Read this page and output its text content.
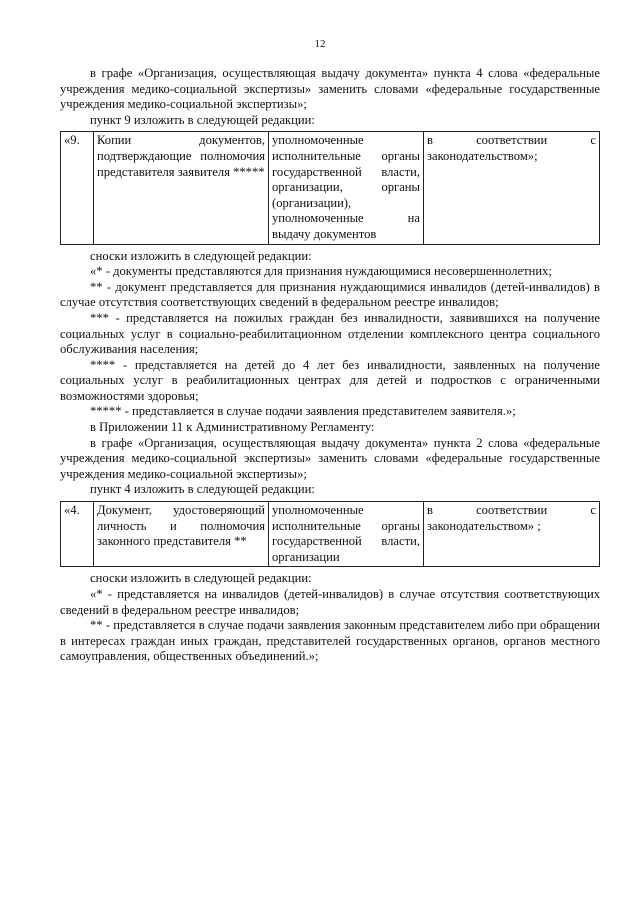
12

в графе «Организация, осуществляющая выдачу документа» пункта 4 слова «федеральные учреждения медико-социальной экспертизы» заменить словами «федеральные государственные учреждения медико-социальной экспертизы»;

пункт 9 изложить в следующей редакции:

«9.	Копии документов, подтверждающие полномочия представителя заявителя *****	уполномоченные исполнительные органы государственной власти, организации, органы (организации), уполномоченные на выдачу документов	в соответствии с законодательством»;

сноски изложить в следующей редакции:

«* - документы представляются для признания нуждающимися несовершеннолетних;

** - документ представляется для признания нуждающимися инвалидов (детей-инвалидов) в случае отсутствия соответствующих сведений в федеральном реестре инвалидов;

*** - представляется на пожилых граждан без инвалидности, заявившихся на получение социальных услуг в социально-реабилитационном отделении комплексного центра социального обслуживания населения;

**** - представляется на детей до 4 лет без инвалидности, заявленных на получение социальных услуг в реабилитационных центрах для детей и подростков с ограниченными возможностями здоровья;

***** - представляется в случае подачи заявления представителем заявителя.»;

в Приложении 11 к Административному Регламенту:

в графе «Организация, осуществляющая выдачу документа» пункта 2 слова «федеральные учреждения медико-социальной экспертизы» заменить словами «федеральные государственные учреждения медико-социальной экспертизы»;

пункт 4 изложить в следующей редакции:

«4.	Документ, удостоверяющий личность и полномочия законного представителя **	уполномоченные исполнительные органы государственной власти, организации	в соответствии с законодательством» ;

сноски изложить в следующей редакции:

«* - представляется на инвалидов (детей-инвалидов) в случае отсутствия соответствующих сведений в федеральном реестре инвалидов;

** - представляется в случае подачи заявления законным представителем либо при обращении в интересах граждан иных граждан, представителей государственных органов, органов местного самоуправления, общественных объединений.»;
